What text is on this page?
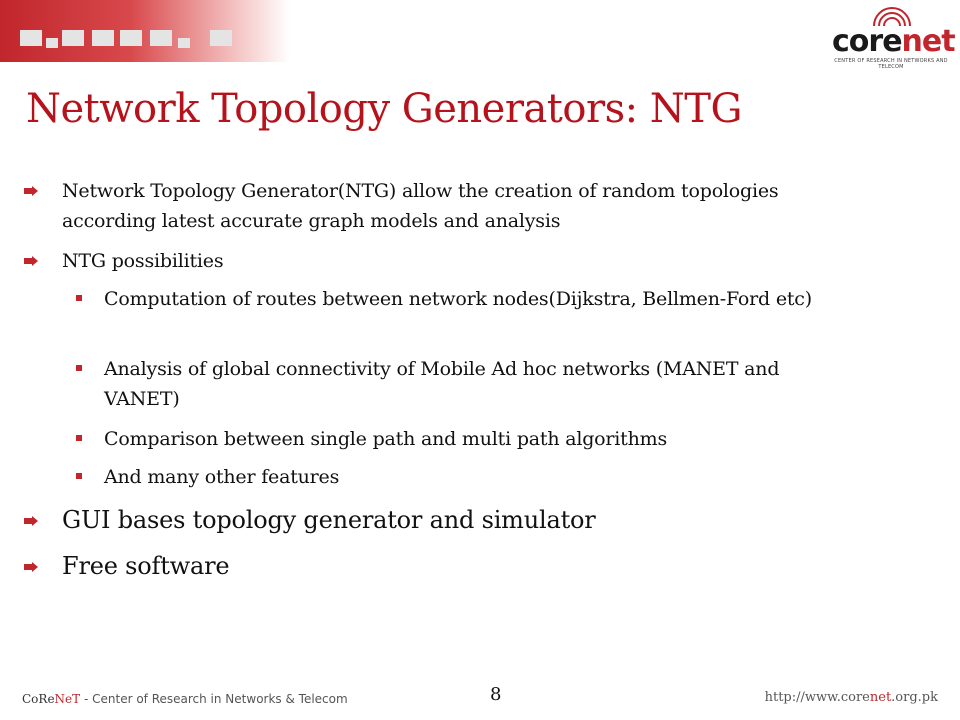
corenet
CENTER OF RESEARCH IN NETWORKS AND TELECOM
Network Topology Generators: NTG
Network Topology Generator(NTG) allow the creation of random topologies according latest accurate graph models and analysis
NTG possibilities
Computation of routes between network nodes(Dijkstra, Bellmen-Ford etc)
Analysis of global connectivity of Mobile Ad hoc networks (MANET and VANET)
Comparison between single path and multi path algorithms
And many other features
GUI bases topology generator and simulator
Free software
CoReNeT - Center of Research in Networks & Telecom	8	http://www.corenet.org.pk
